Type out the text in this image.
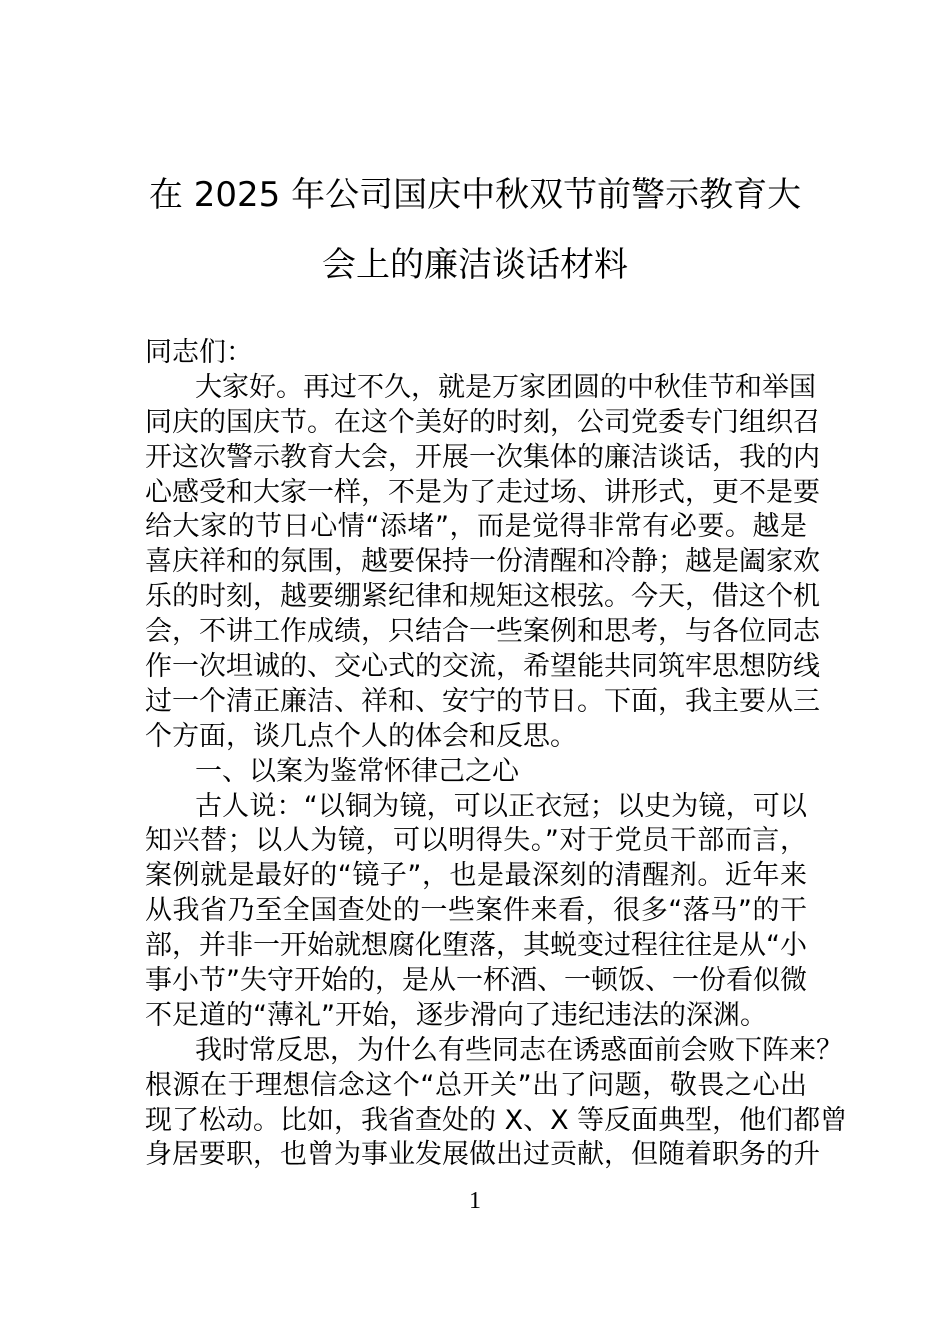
在 2025 年公司国庆中秋双节前警示教育大
会上的廉洁谈话材料
同志们：
大家好。再过不久，就是万家团圆的中秋佳节和举国
同庆的国庆节。在这个美好的时刻，公司党委专门组织召
开这次警示教育大会，开展一次集体的廉洁谈话，我的内
心感受和大家一样，不是为了走过场、讲形式，更不是要
给大家的节日心情“添堵”，而是觉得非常有必要。越是
喜庆祥和的氛围，越要保持一份清醒和冷静；越是阖家欢
乐的时刻，越要绷紧纪律和规矩这根弦。今天，借这个机
会，不讲工作成绩，只结合一些案例和思考，与各位同志
作一次坦诚的、交心式的交流，希望能共同筑牢思想防线
过一个清正廉洁、祥和、安宁的节日。下面，我主要从三
个方面，谈几点个人的体会和反思。
一、以案为鉴常怀律己之心
古人说：“以铜为镜，可以正衣冠；以史为镜，可以
知兴替；以人为镜，可以明得失。”对于党员干部而言，
案例就是最好的“镜子”，也是最深刻的清醒剂。近年来
从我省乃至全国查处的一些案件来看，很多“落马”的干
部，并非一开始就想腐化堕落，其蜕变过程往往是从“小
事小节”失守开始的，是从一杯酒、一顿饭、一份看似微
不足道的“薄礼”开始，逐步滑向了违纪违法的深渊。
我时常反思，为什么有些同志在诱惑面前会败下阵来？
根源在于理想信念这个“总开关”出了问题，敬畏之心出
现了松动。比如，我省查处的 X、X 等反面典型，他们都曾
身居要职，也曾为事业发展做出过贡献，但随着职务的升
1
